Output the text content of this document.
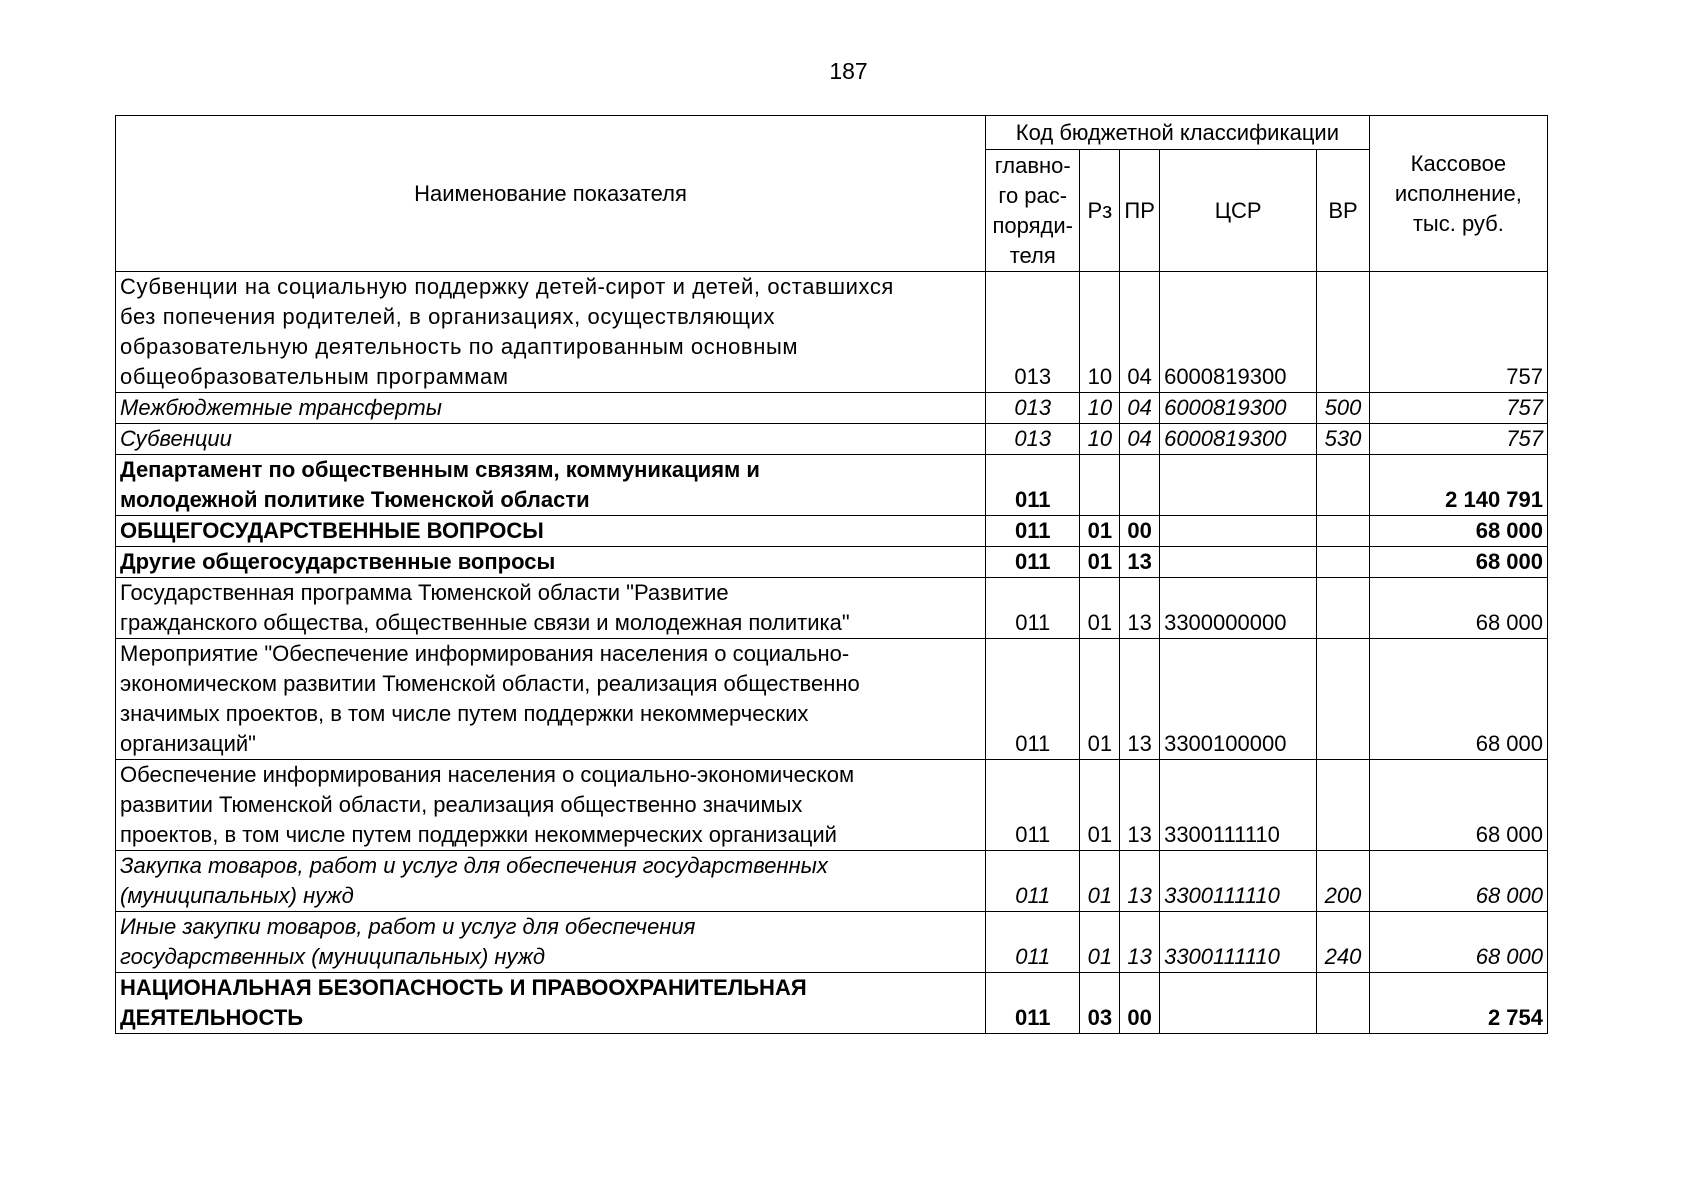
187
Наименование показателя	Код бюджетной классификации					Кассовое
исполнение,
тыс. руб.
	главно-
го рас-
поряди-
теля	Рз	ПР	ЦСР	ВР	
Субвенции на социальную поддержку детей-сирот и детей, оставшихся
без попечения родителей, в организациях, осуществляющих
образовательную деятельность по адаптированным основным
общеобразовательным программам	013	10	04	6000819300		757
Межбюджетные трансферты	013	10	04	6000819300	500	757
Субвенции	013	10	04	6000819300	530	757
Департамент по общественным связям, коммуникациям и
молодежной политике Тюменской области	011					2 140 791
ОБЩЕГОСУДАРСТВЕННЫЕ ВОПРОСЫ	011	01	00			68 000
Другие общегосударственные вопросы	011	01	13			68 000
Государственная программа Тюменской области "Развитие
гражданского общества, общественные связи и молодежная политика"	011	01	13	3300000000		68 000
Мероприятие "Обеспечение информирования населения о социально-
экономическом развитии Тюменской области, реализация общественно
значимых проектов, в том числе путем поддержки некоммерческих
организаций"	011	01	13	3300100000		68 000
Обеспечение информирования населения о социально-экономическом
развитии Тюменской области, реализация общественно значимых
проектов, в том числе путем поддержки некоммерческих организаций	011	01	13	3300111110		68 000
Закупка товаров, работ и услуг для обеспечения государственных
(муниципальных) нужд	011	01	13	3300111110	200	68 000
Иные закупки товаров, работ и услуг для обеспечения
государственных (муниципальных) нужд	011	01	13	3300111110	240	68 000
НАЦИОНАЛЬНАЯ БЕЗОПАСНОСТЬ И ПРАВООХРАНИТЕЛЬНАЯ
ДЕЯТЕЛЬНОСТЬ	011	03	00			2 754
